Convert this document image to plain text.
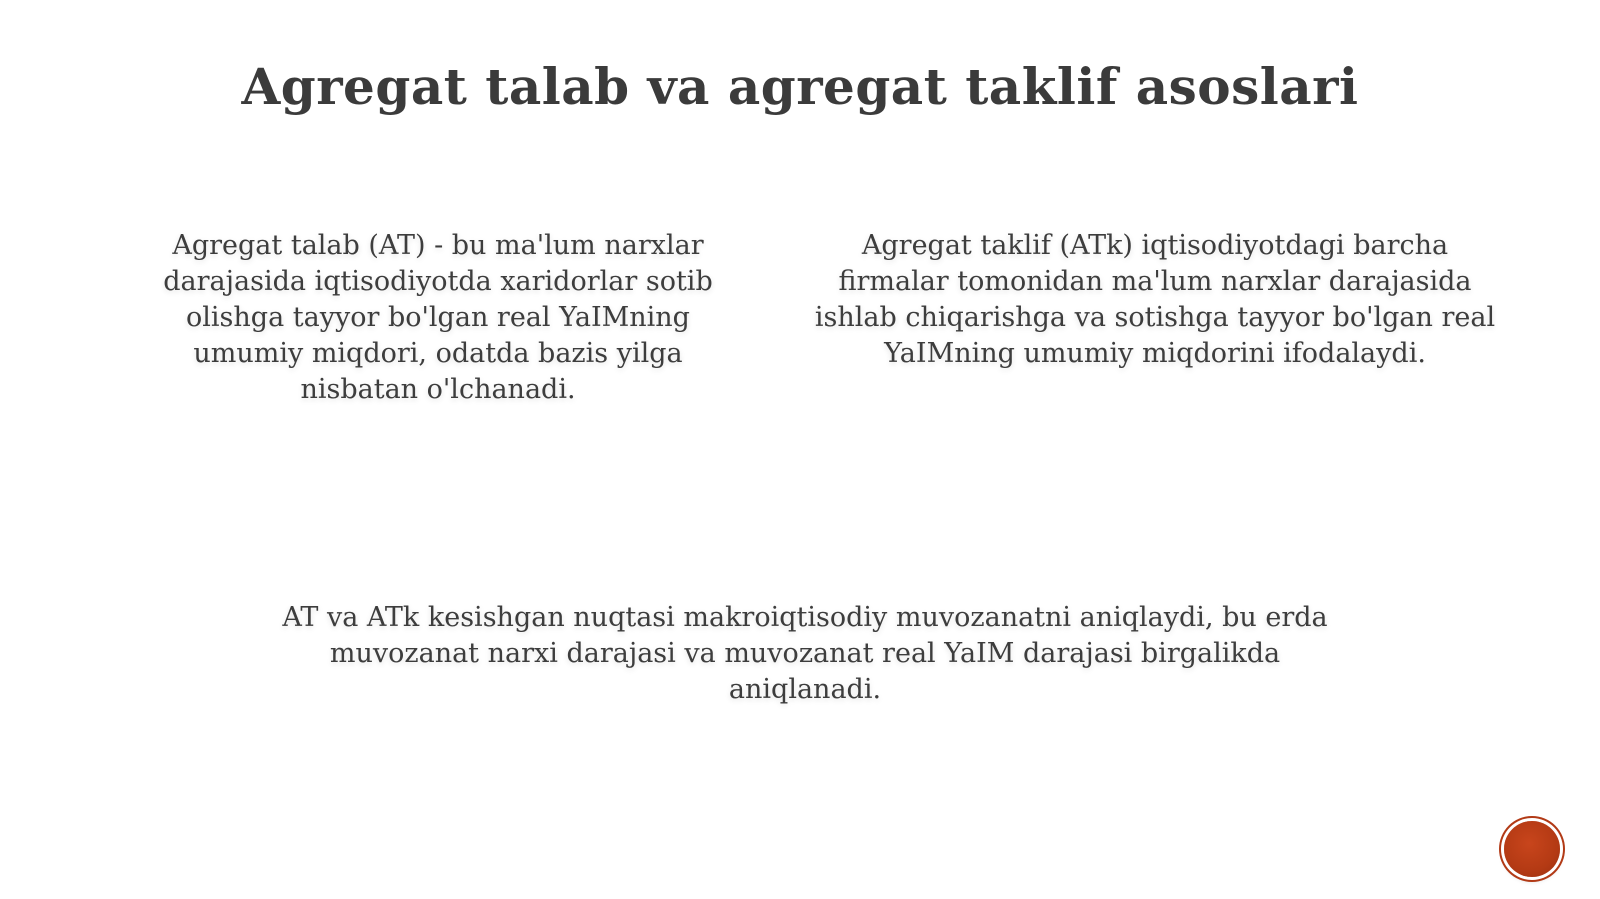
Agregat talab va agregat taklif asoslari
Agregat talab (AT) - bu ma'lum narxlar darajasida iqtisodiyotda xaridorlar sotib olishga tayyor bo'lgan real YaIMning umumiy miqdori, odatda bazis yilga nisbatan o'lchanadi.
Agregat taklif (ATk) iqtisodiyotdagi barcha firmalar tomonidan ma'lum narxlar darajasida ishlab chiqarishga va sotishga tayyor bo'lgan real YaIMning umumiy miqdorini ifodalaydi.
AT va ATk kesishgan nuqtasi makroiqtisodiy muvozanatni aniqlaydi, bu erda muvozanat narxi darajasi va muvozanat real YaIM darajasi birgalikda aniqlanadi.
